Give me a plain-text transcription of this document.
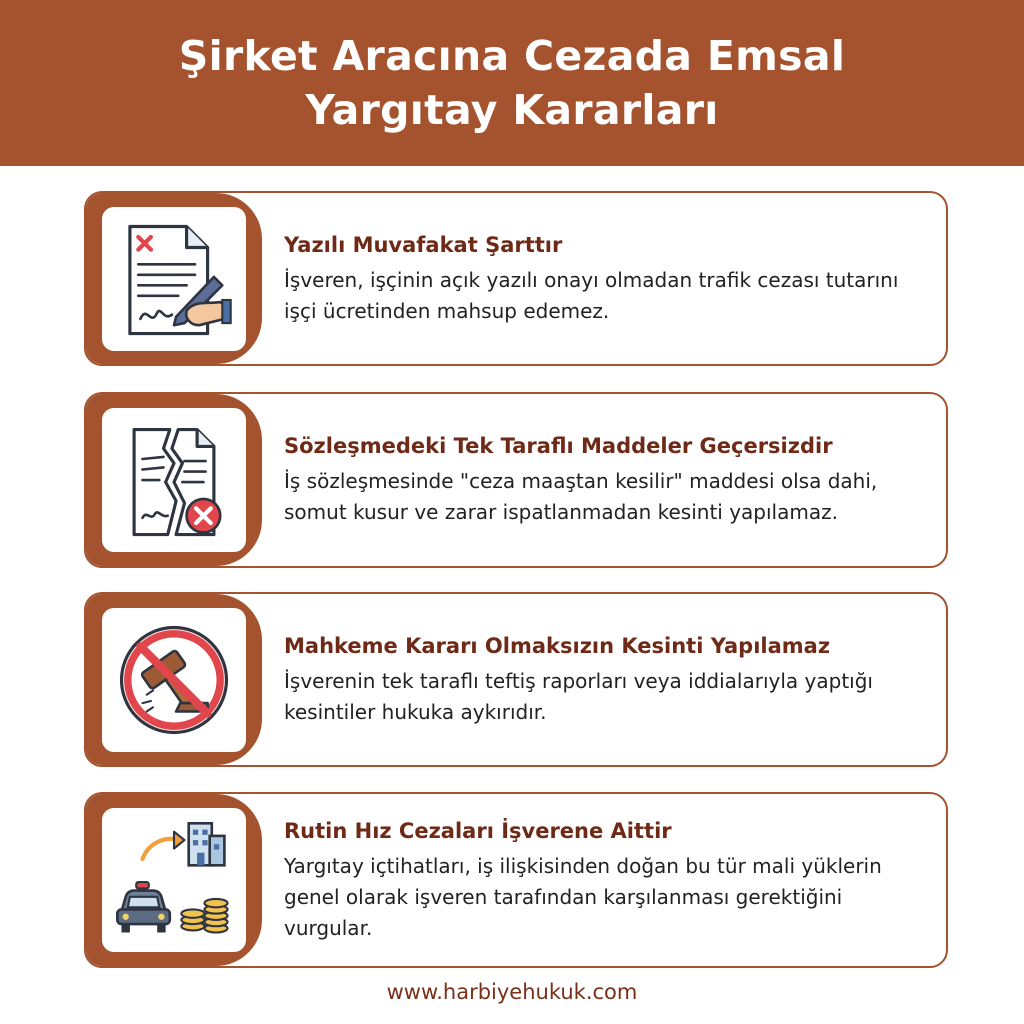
Şirket Aracına Cezada Emsal
Yargıtay Kararları
Yazılı Muvafakat Şarttır
İşveren, işçinin açık yazılı onayı olmadan trafik cezası tutarını işçi ücretinden mahsup edemez.
Sözleşmedeki Tek Taraflı Maddeler Geçersizdir
İş sözleşmesinde "ceza maaştan kesilir" maddesi olsa dahi, somut kusur ve zarar ispatlanmadan kesinti yapılamaz.
Mahkeme Kararı Olmaksızın Kesinti Yapılamaz
İşverenin tek taraflı teftiş raporları veya iddialarıyla yaptığı kesintiler hukuka aykırıdır.
Rutin Hız Cezaları İşverene Aittir
Yargıtay içtihatları, iş ilişkisinden doğan bu tür mali yüklerin genel olarak işveren tarafından karşılanması gerektiğini vurgular.
www.harbiyehukuk.com
